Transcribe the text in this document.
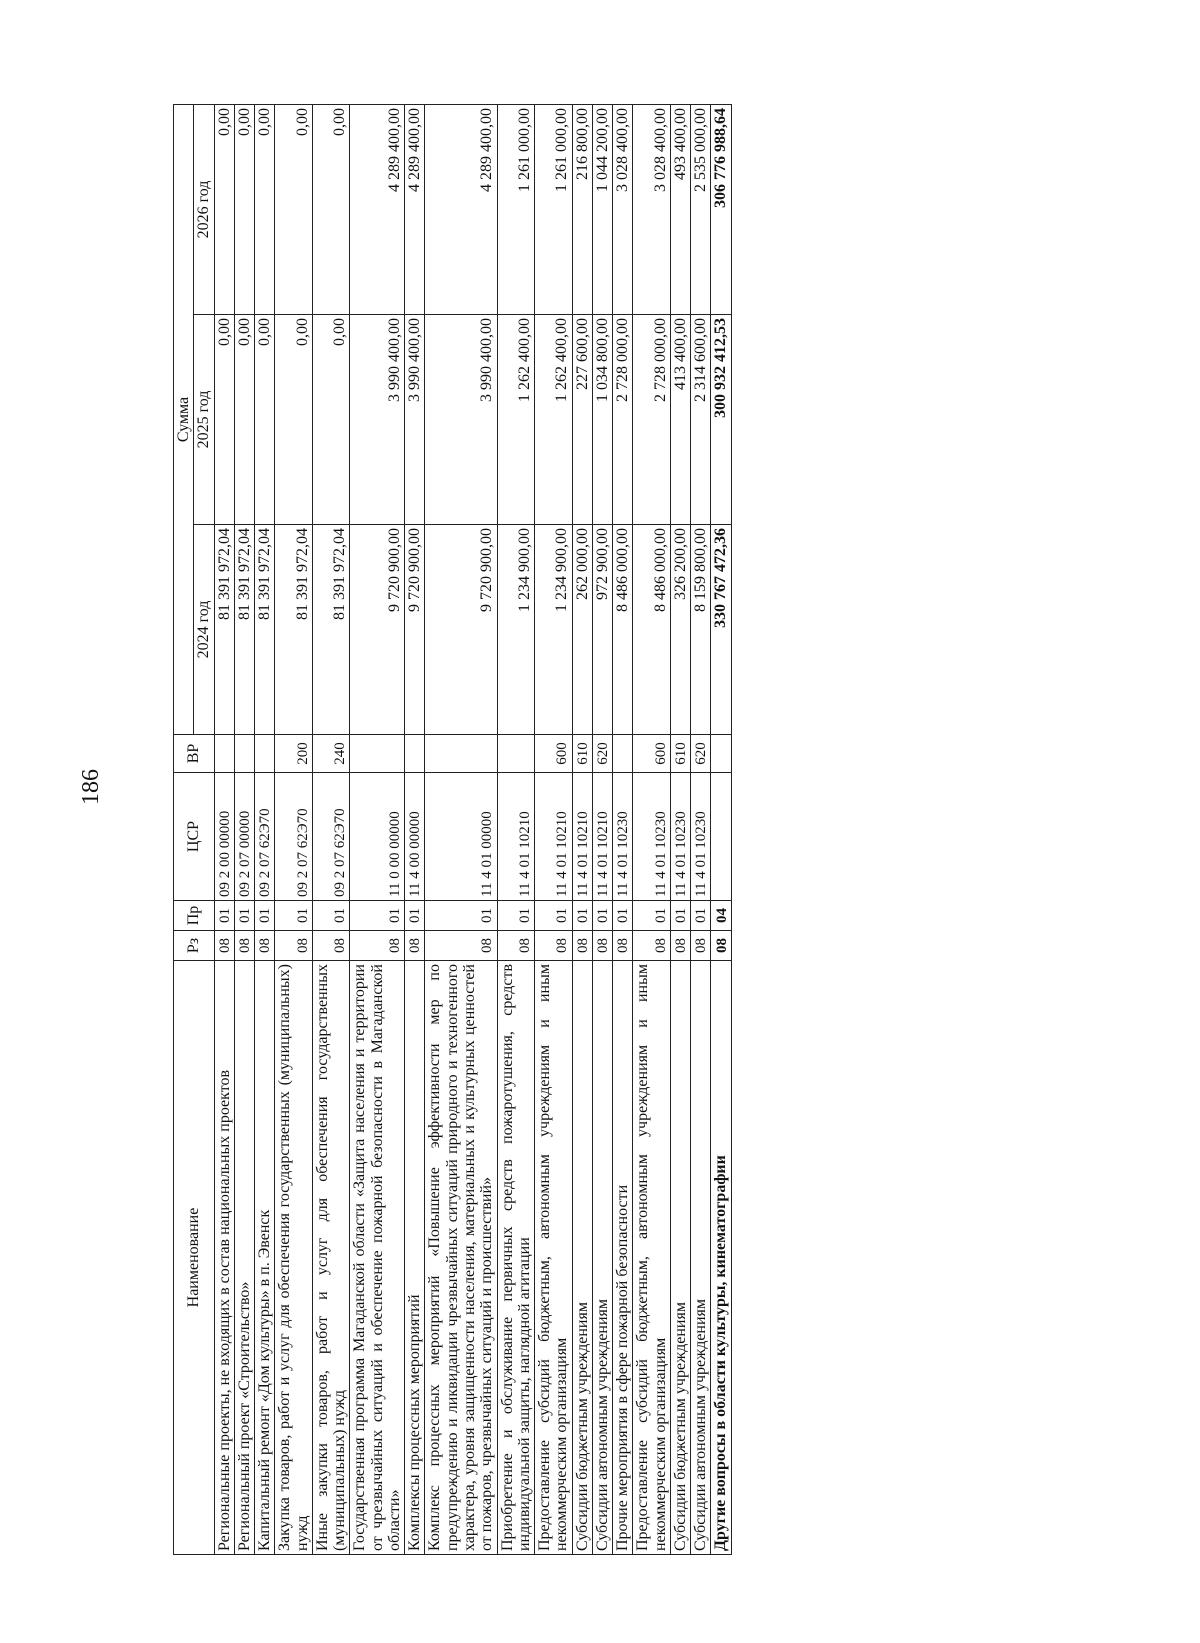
186
Наименование	Рз	Пр	ЦСР	ВР	Сумма		
					2024 год	2025 год	2026 год
Региональные проекты, не входящих в состав национальных проектов	08	01	09 2 00 00000		81 391 972,04	0,00	0,00
Региональный проект «Строительство»	08	01	09 2 07 00000		81 391 972,04	0,00	0,00
Капитальный ремонт «Дом культуры» в п. Эвенск	08	01	09 2 07 62Э70		81 391 972,04	0,00	0,00
Закупка товаров, работ и услуг для обеспечения государственных (муниципальных) нужд	08	01	09 2 07 62Э70	200	81 391 972,04	0,00	0,00
Иные закупки товаров, работ и услуг для обеспечения государственных (муниципальных) нужд	08	01	09 2 07 62Э70	240	81 391 972,04	0,00	0,00
Государственная программа Магаданской области «Защита населения и территории от чрезвычайных ситуаций и обеспечение пожарной безопасности в Магаданской области»	08	01	11 0 00 00000		9 720 900,00	3 990 400,00	4 289 400,00
Комплексы процессных мероприятий	08	01	11 4 00 00000		9 720 900,00	3 990 400,00	4 289 400,00
Комплекс процессных мероприятий «Повышение эффективности мер по предупреждению и ликвидации чрезвычайных ситуаций природного и техногенного характера, уровня защищенности населения, материальных и культурных ценностей от пожаров, чрезвычайных ситуаций и происшествий»	08	01	11 4 01 00000		9 720 900,00	3 990 400,00	4 289 400,00
Приобретение и обслуживание первичных средств пожаротушения, средств индивидуальной защиты, наглядной агитации	08	01	11 4 01 10210		1 234 900,00	1 262 400,00	1 261 000,00
Предоставление субсидий бюджетным, автономным учреждениям и иным некоммерческим организациям	08	01	11 4 01 10210	600	1 234 900,00	1 262 400,00	1 261 000,00
Субсидии бюджетным учреждениям	08	01	11 4 01 10210	610	262 000,00	227 600,00	216 800,00
Субсидии автономным учреждениям	08	01	11 4 01 10210	620	972 900,00	1 034 800,00	1 044 200,00
Прочие мероприятия в сфере пожарной безопасности	08	01	11 4 01 10230		8 486 000,00	2 728 000,00	3 028 400,00
Предоставление субсидий бюджетным, автономным учреждениям и иным некоммерческим организациям	08	01	11 4 01 10230	600	8 486 000,00	2 728 000,00	3 028 400,00
Субсидии бюджетным учреждениям	08	01	11 4 01 10230	610	326 200,00	413 400,00	493 400,00
Субсидии автономным учреждениям	08	01	11 4 01 10230	620	8 159 800,00	2 314 600,00	2 535 000,00
Другие вопросы в области культуры, кинематографии	08	04			330 767 472,36	300 932 412,53	306 776 988,64
